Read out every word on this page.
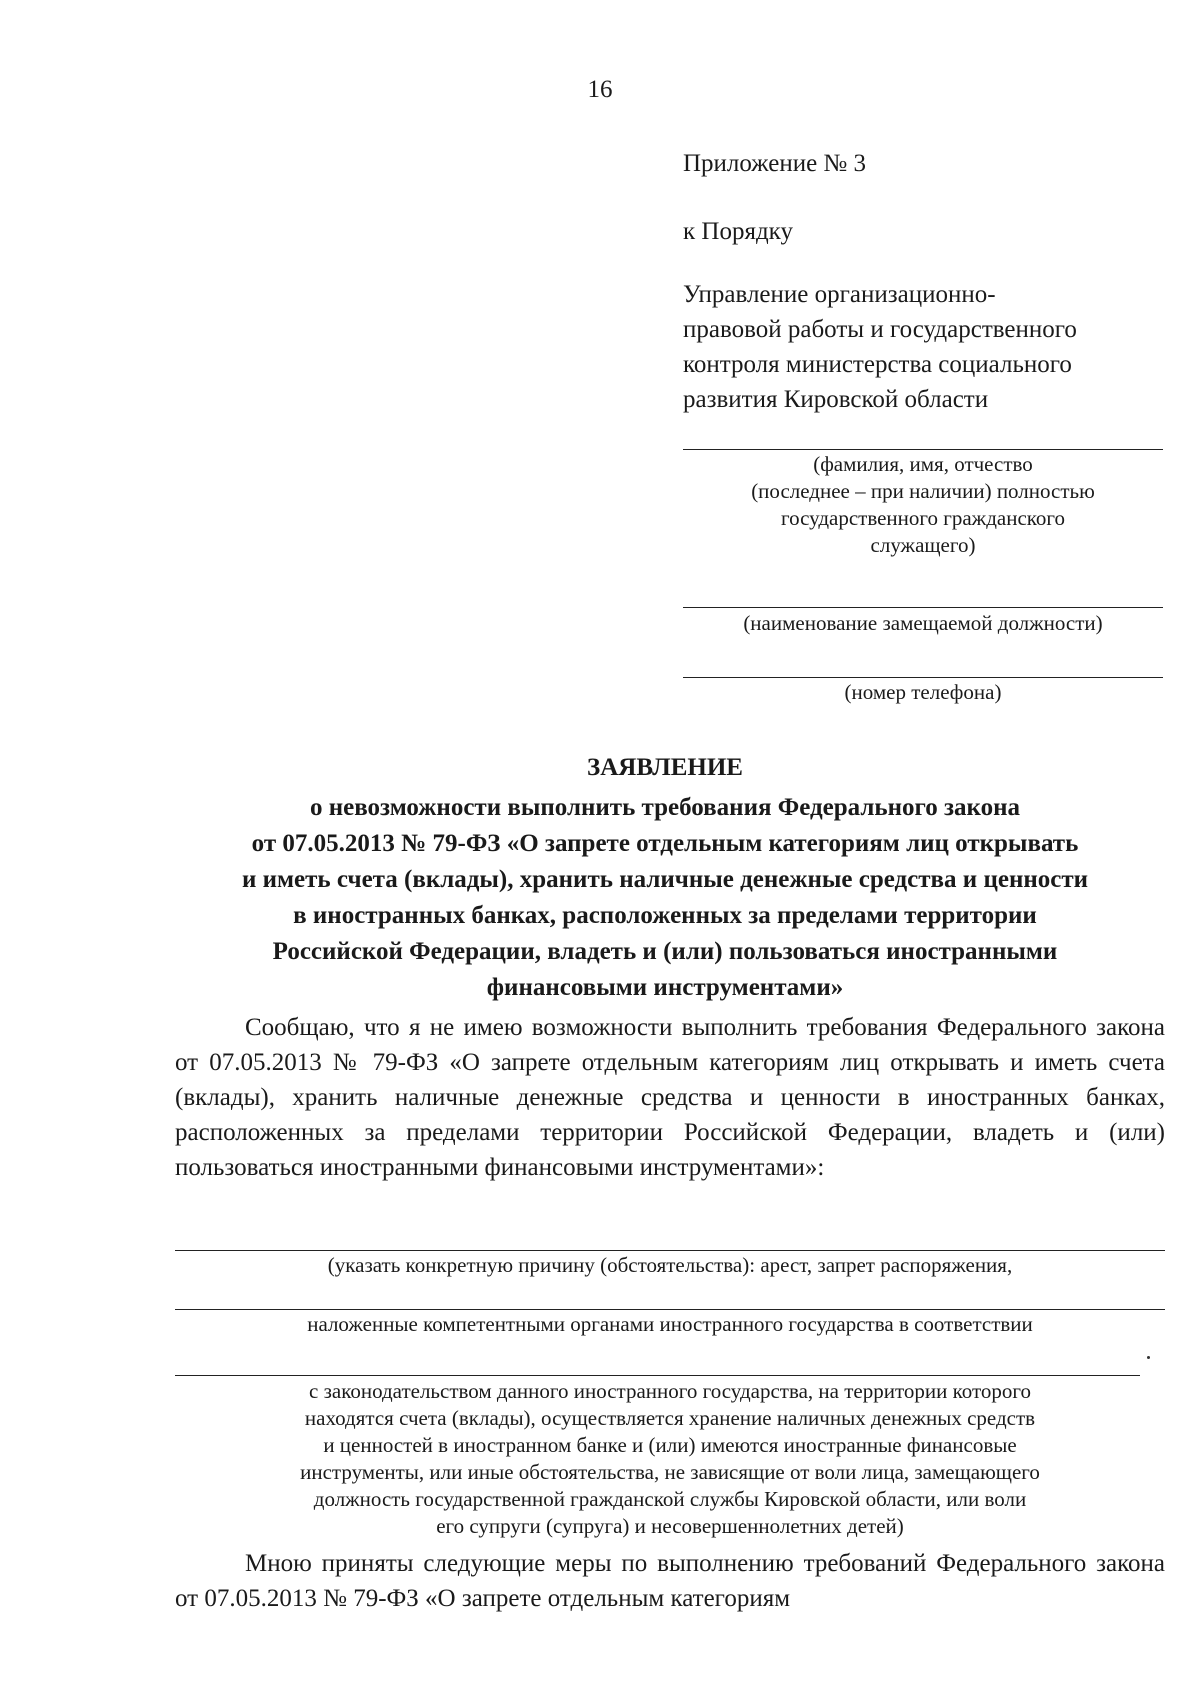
16
Приложение № 3
к Порядку
Управление организационно-
правовой работы и государственного
контроля министерства социального
развития Кировской области
(фамилия, имя, отчество
(последнее – при наличии) полностью
государственного гражданского
служащего)
(наименование замещаемой должности)
(номер телефона)
ЗАЯВЛЕНИЕ
о невозможности выполнить требования Федерального закона
от 07.05.2013 № 79-ФЗ «О запрете отдельным категориям лиц открывать
и иметь счета (вклады), хранить наличные денежные средства и ценности
в иностранных банках, расположенных за пределами территории
Российской Федерации, владеть и (или) пользоваться иностранными
финансовыми инструментами»
Сообщаю, что я не имею возможности выполнить требования Федерального закона от 07.05.2013 № 79-ФЗ «О запрете отдельным категориям лиц открывать и иметь счета (вклады), хранить наличные денежные средства и ценности в иностранных банках, расположенных за пределами территории Российской Федерации, владеть и (или) пользоваться иностранными финансовыми инструментами»:
(указать конкретную причину (обстоятельства): арест, запрет распоряжения,
наложенные компетентными органами иностранного государства в соответствии
с законодательством данного иностранного государства, на территории которого
находятся счета (вклады), осуществляется хранение наличных денежных средств
и ценностей в иностранном банке и (или) имеются иностранные финансовые
инструменты, или иные обстоятельства, не зависящие от воли лица, замещающего
должность государственной гражданской службы Кировской области, или воли
его супруги (супруга) и несовершеннолетних детей)
Мною приняты следующие меры по выполнению требований Федерального закона от 07.05.2013 № 79-ФЗ «О запрете отдельным категориям
